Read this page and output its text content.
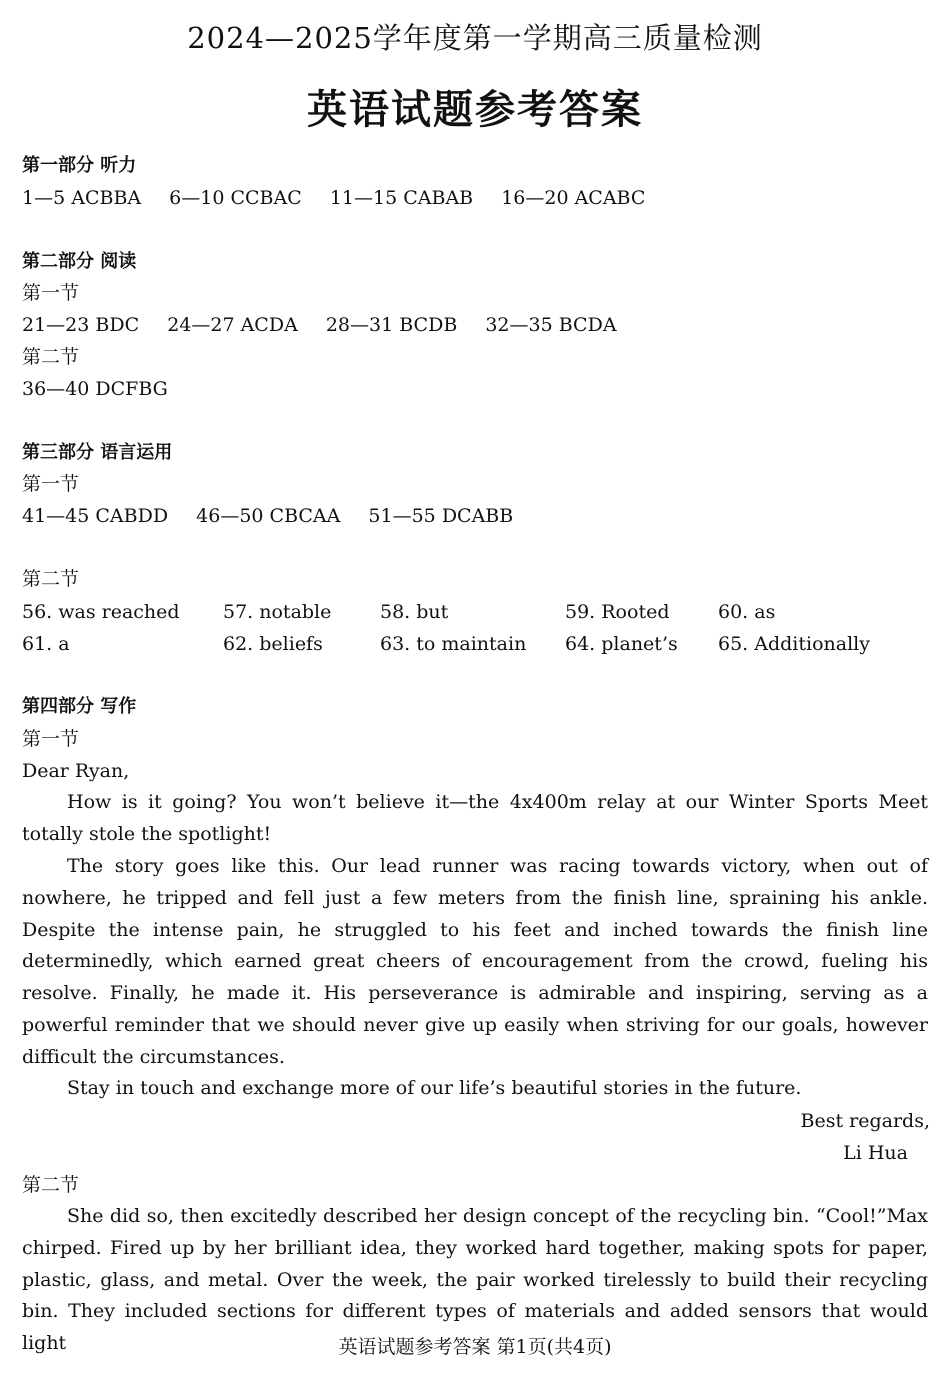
2024—2025学年度第一学期高三质量检测
英语试题参考答案
第一部分 听力
1—5 ACBBA 6—10 CCBAC 11—15 CABAB 16—20 ACABC
第二部分 阅读
第一节
21—23 BDC 24—27 ACDA 28—31 BCDB 32—35 BCDA
第二节
36—40 DCFBG
第三部分 语言运用
第一节
41—45 CABDD 46—50 CBCAA 51—55 DCABB
第二节
56. was reached 57. notable	58. but	59. Rooted	60. as
61. a	62. beliefs	63. to maintain 64. planet’s 65. Additionally
第四部分 写作
第一节
Dear Ryan,

How is it going? You won’t believe it—the 4x400m relay at our Winter Sports Meet totally stole the spotlight!

The story goes like this. Our lead runner was racing towards victory, when out of nowhere, he tripped and fell just a few meters from the finish line, spraining his ankle. Despite the intense pain, he struggled to his feet and inched towards the finish line determinedly, which earned great cheers of encouragement from the crowd, fueling his resolve. Finally, he made it. His perseverance is admirable and inspiring, serving as a powerful reminder that we should never give up easily when striving for our goals, however difficult the circumstances.

Stay in touch and exchange more of our life’s beautiful stories in the future.

Best regards,
Li Hua
第二节

She did so, then excitedly described her design concept of the recycling bin. “Cool!”Max chirped. Fired up by her brilliant idea, they worked hard together, making spots for paper, plastic, glass, and metal. Over the week, the pair worked tirelessly to build their recycling bin. They included sections for different types of materials and added sensors that would light	英语试题参考答案 第1页(共4页)
